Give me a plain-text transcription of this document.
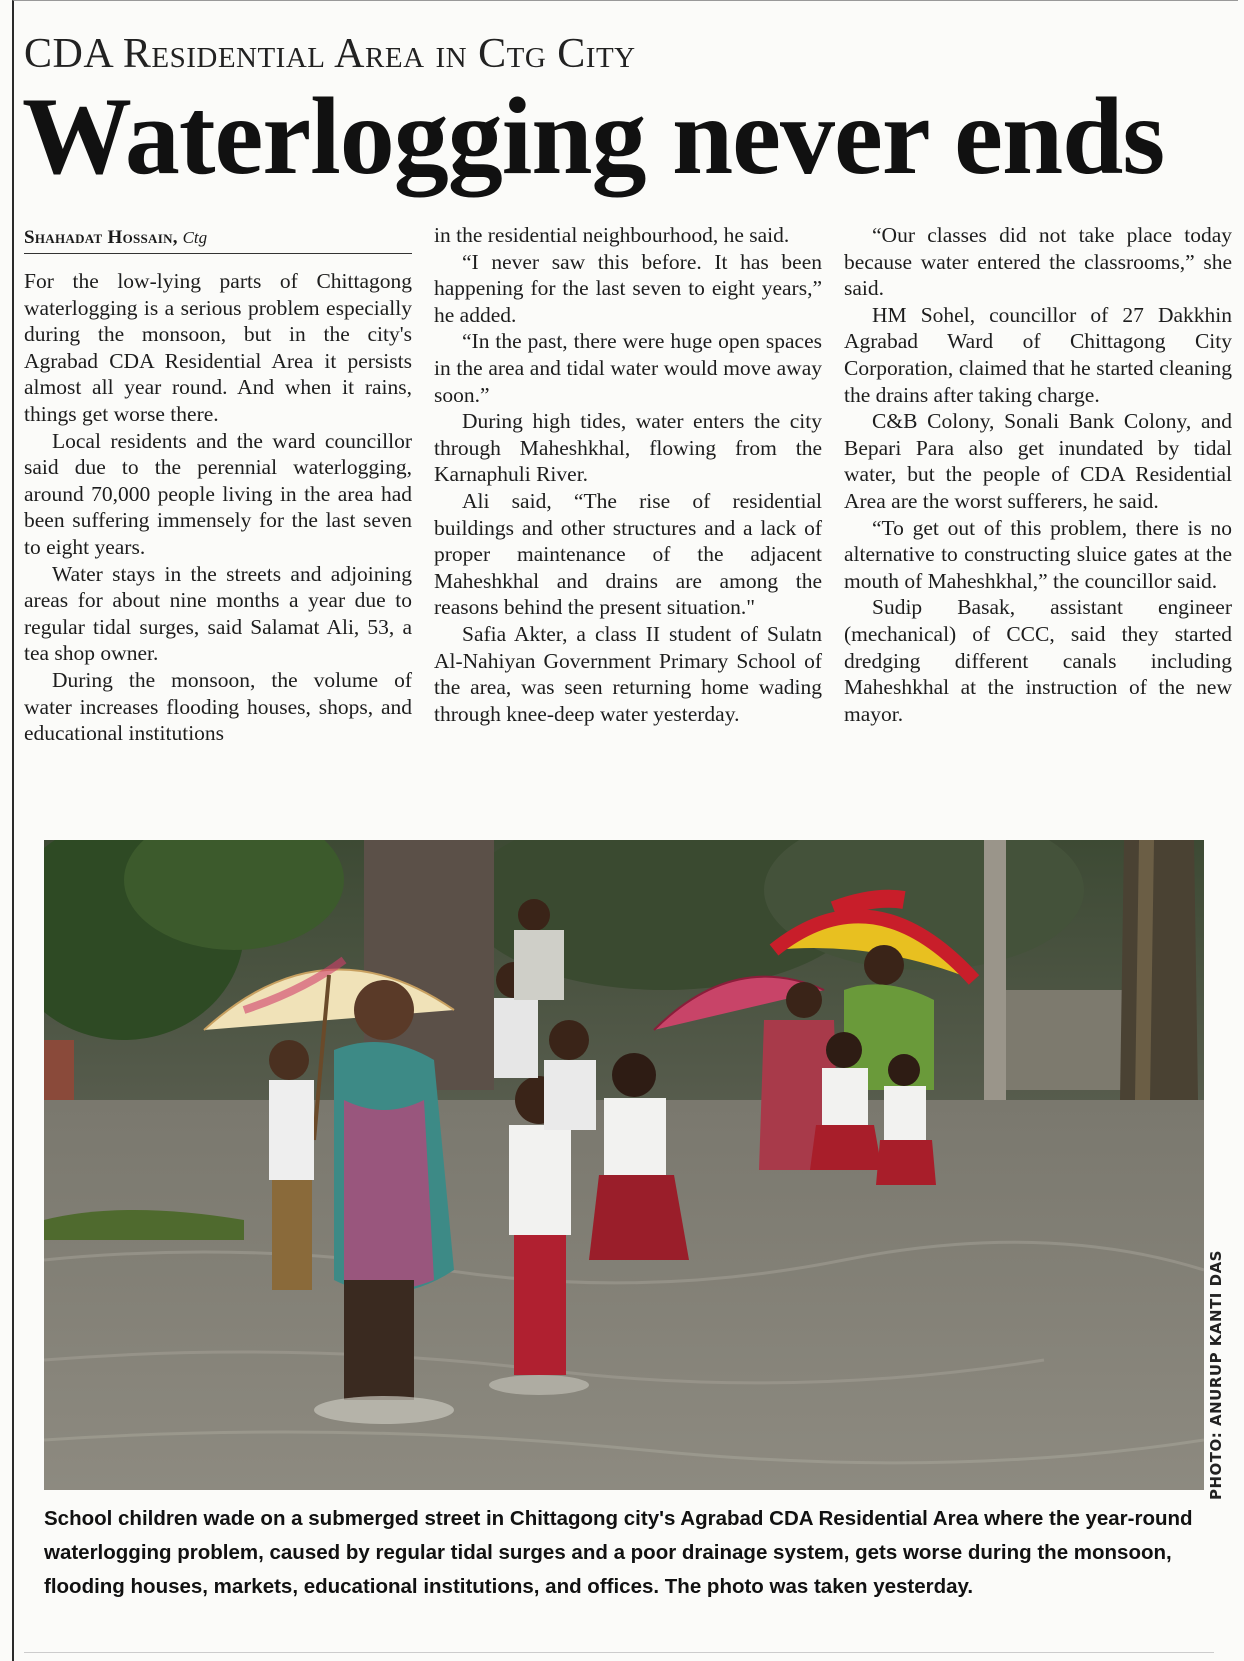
CDA Residential Area in Ctg City
Waterlogging never ends
Shahadat Hossain, Ctg

For the low-lying parts of Chittagong waterlogging is a serious problem especially during the monsoon, but in the city's Agrabad CDA Residential Area it persists almost all year round. And when it rains, things get worse there.

Local residents and the ward councillor said due to the perennial waterlogging, around 70,000 people living in the area had been suffering immensely for the last seven to eight years.

Water stays in the streets and adjoining areas for about nine months a year due to regular tidal surges, said Salamat Ali, 53, a tea shop owner.

During the monsoon, the volume of water increases flooding houses, shops, and educational institutions

in the residential neighbourhood, he said.

“I never saw this before. It has been happening for the last seven to eight years,” he added.

“In the past, there were huge open spaces in the area and tidal water would move away soon.”

During high tides, water enters the city through Maheshkhal, flowing from the Karnaphuli River.

Ali said, “The rise of residential buildings and other structures and a lack of proper maintenance of the adjacent Maheshkhal and drains are among the reasons behind the present situation."

Safia Akter, a class II student of Sulatn Al-Nahiyan Government Primary School of the area, was seen returning home wading through knee-deep water yesterday.

“Our classes did not take place today because water entered the classrooms,” she said.

HM Sohel, councillor of 27 Dakkhin Agrabad Ward of Chittagong City Corporation, claimed that he started cleaning the drains after taking charge.

C&B Colony, Sonali Bank Colony, and Bepari Para also get inundated by tidal water, but the people of CDA Residential Area are the worst sufferers, he said.

“To get out of this problem, there is no alternative to constructing sluice gates at the mouth of Maheshkhal,” the councillor said.

Sudip Basak, assistant engineer (mechanical) of CCC, said they started dredging different canals including Maheshkhal at the instruction of the new mayor.

PHOTO: ANURUP KANTI DAS
School children wade on a submerged street in Chittagong city's Agrabad CDA Residential Area where the year-round waterlogging problem, caused by regular tidal surges and a poor drainage system, gets worse during the monsoon, flooding houses, markets, educational institutions, and offices. The photo was taken yesterday.
